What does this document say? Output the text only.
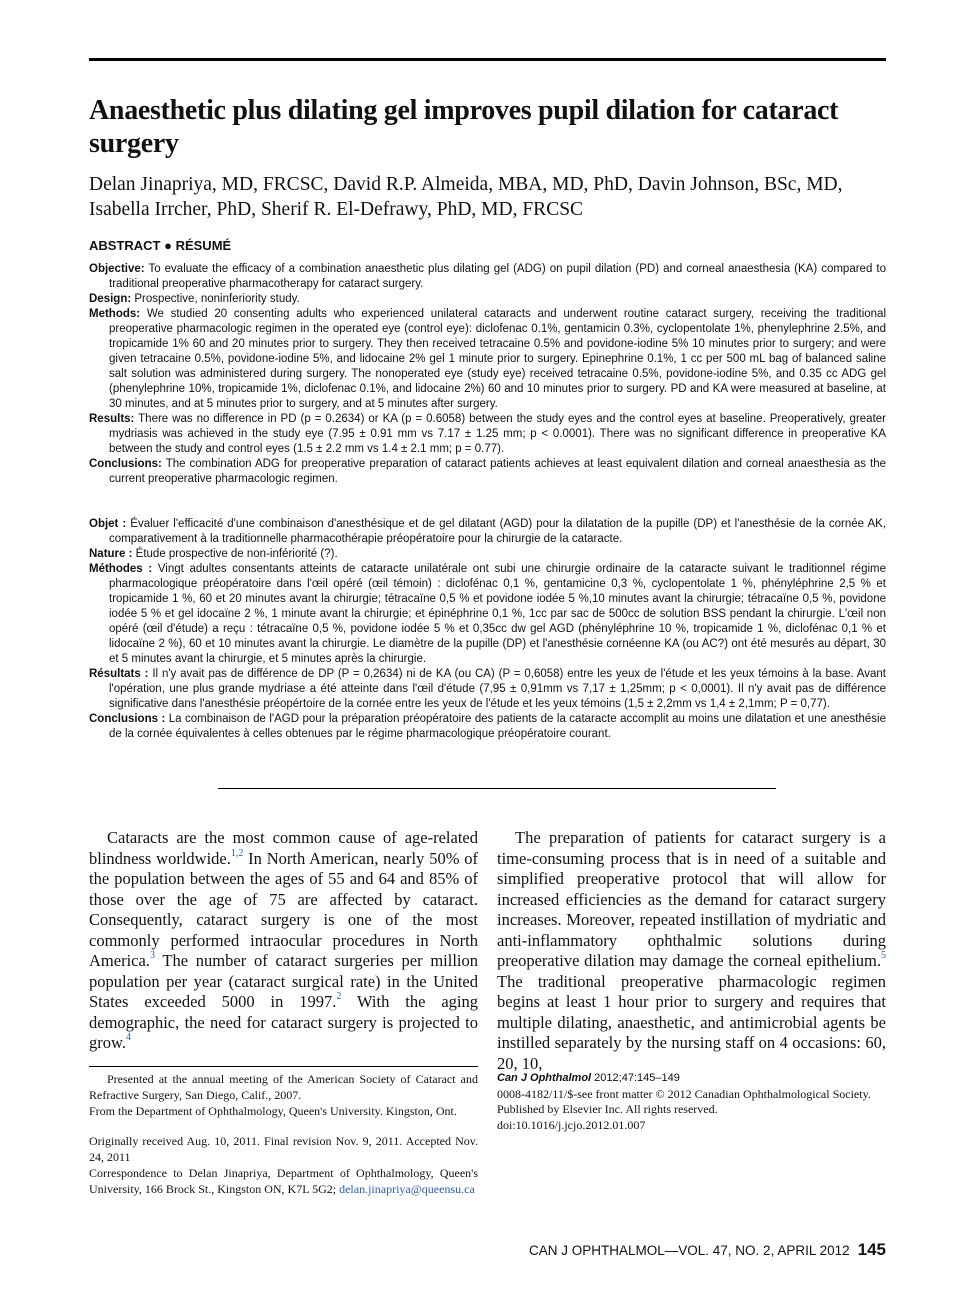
Anaesthetic plus dilating gel improves pupil dilation for cataract surgery

Delan Jinapriya, MD, FRCSC, David R.P. Almeida, MBA, MD, PhD, Davin Johnson, BSc, MD, Isabella Irrcher, PhD, Sherif R. El-Defrawy, PhD, MD, FRCSC

ABSTRACT ● RÉSUMÉ

Objective: To evaluate the efficacy of a combination anaesthetic plus dilating gel (ADG) on pupil dilation (PD) and corneal anaesthesia (KA) compared to traditional preoperative pharmacotherapy for cataract surgery.

Design: Prospective, noninferiority study.

Methods: We studied 20 consenting adults who experienced unilateral cataracts and underwent routine cataract surgery, receiving the traditional preoperative pharmacologic regimen in the operated eye (control eye): diclofenac 0.1%, gentamicin 0.3%, cyclopentolate 1%, phenylephrine 2.5%, and tropicamide 1% 60 and 20 minutes prior to surgery. They then received tetracaine 0.5% and povidone-iodine 5% 10 minutes prior to surgery; and were given tetracaine 0.5%, povidone-iodine 5%, and lidocaine 2% gel 1 minute prior to surgery. Epinephrine 0.1%, 1 cc per 500 mL bag of balanced saline salt solution was administered during surgery. The nonoperated eye (study eye) received tetracaine 0.5%, povidone-iodine 5%, and 0.35 cc ADG gel (phenylephrine 10%, tropicamide 1%, diclofenac 0.1%, and lidocaine 2%) 60 and 10 minutes prior to surgery. PD and KA were measured at baseline, at 30 minutes, and at 5 minutes prior to surgery, and at 5 minutes after surgery.

Results: There was no difference in PD (p = 0.2634) or KA (p = 0.6058) between the study eyes and the control eyes at baseline. Preoperatively, greater mydriasis was achieved in the study eye (7.95 ± 0.91 mm vs 7.17 ± 1.25 mm; p < 0.0001). There was no significant difference in preoperative KA between the study and control eyes (1.5 ± 2.2 mm vs 1.4 ± 2.1 mm; p = 0.77).

Conclusions: The combination ADG for preoperative preparation of cataract patients achieves at least equivalent dilation and corneal anaesthesia as the current preoperative pharmacologic regimen.

Objet : Évaluer l'efficacité d'une combinaison d'anesthésique et de gel dilatant (AGD) pour la dilatation de la pupille (DP) et l'anesthésie de la cornée AK, comparativement à la traditionnelle pharmacothérapie préopératoire pour la chirurgie de la cataracte.

Nature : Étude prospective de non-infériorité (?).

Méthodes : Vingt adultes consentants atteints de cataracte unilatérale ont subi une chirurgie ordinaire de la cataracte suivant le traditionnel régime pharmacologique préopératoire dans l'œil opéré (œil témoin) : diclofénac 0,1 %, gentamicine 0,3 %, cyclopentolate 1 %, phényléphrine 2,5 % et tropicamide 1 %, 60 et 20 minutes avant la chirurgie; tétracaïne 0,5 % et povidone iodée 5 %,10 minutes avant la chirurgie; tétracaïne 0,5 %, povidone iodée 5 % et gel idocaïne 2 %, 1 minute avant la chirurgie; et épinéphrine 0,1 %, 1cc par sac de 500cc de solution BSS pendant la chirurgie. L'œil non opéré (œil d'étude) a reçu : tétracaïne 0,5 %, povidone iodée 5 % et 0,35cc dw gel AGD (phényléphrine 10 %, tropicamide 1 %, diclofénac 0,1 % et lidocaïne 2 %), 60 et 10 minutes avant la chirurgie. Le diamètre de la pupille (DP) et l'anesthésie cornéenne KA (ou AC?) ont été mesurés au départ, 30 et 5 minutes avant la chirurgie, et 5 minutes après la chirurgie.

Résultats : Il n'y avait pas de différence de DP (P = 0,2634) ni de KA (ou CA) (P = 0,6058) entre les yeux de l'étude et les yeux témoins à la base. Avant l'opération, une plus grande mydriase a été atteinte dans l'œil d'étude (7,95 ± 0,91mm vs 7,17 ± 1,25mm; p < 0,0001). Il n'y avait pas de différence significative dans l'anesthésie préopértoire de la cornée entre les yeux de l'étude et les yeux témoins (1,5 ± 2,2mm vs 1,4 ± 2,1mm; P = 0,77).

Conclusions : La combinaison de l'AGD pour la préparation préopératoire des patients de la cataracte accomplit au moins une dilatation et une anesthésie de la cornée équivalentes à celles obtenues par le régime pharmacologique préopératoire courant.

Cataracts are the most common cause of age-related blindness worldwide.$^{1,2}$ In North American, nearly 50% of the population between the ages of 55 and 64 and 85% of those over the age of 75 are affected by cataract. Consequently, cataract surgery is one of the most commonly performed intraocular procedures in North America.$^3$ The number of cataract surgeries per million population per year (cataract surgical rate) in the United States exceeded 5000 in 1997.$^2$ With the aging demographic, the need for cataract surgery is projected to grow.$^4$

The preparation of patients for cataract surgery is a time-consuming process that is in need of a suitable and simplified preoperative protocol that will allow for increased efficiencies as the demand for cataract surgery increases. Moreover, repeated instillation of mydriatic and anti-inflammatory ophthalmic solutions during preoperative dilation may damage the corneal epithelium.$^5$ The traditional preoperative pharmacologic regimen begins at least 1 hour prior to surgery and requires that multiple dilating, anaesthetic, and antimicrobial agents be instilled separately by the nursing staff on 4 occasions: 60, 20, 10,

Presented at the annual meeting of the American Society of Cataract and Refractive Surgery, San Diego, Calif., 2007.

From the Department of Ophthalmology, Queen's University. Kingston, Ont.

Originally received Aug. 10, 2011. Final revision Nov. 9, 2011. Accepted Nov. 24, 2011

Correspondence to Delan Jinapriya, Department of Ophthalmology, Queen's University, 166 Brock St., Kingston ON, K7L 5G2; delan.jinapriya@queensu.ca

Can J Ophthalmol 2012;47:145–149

0008-4182/11/$-see front matter © 2012 Canadian Ophthalmological Society. Published by Elsevier Inc. All rights reserved.

doi:10.1016/j.jcjo.2012.01.007

CAN J OPHTHALMOL—VOL. 47, NO. 2, APRIL 2012 145
